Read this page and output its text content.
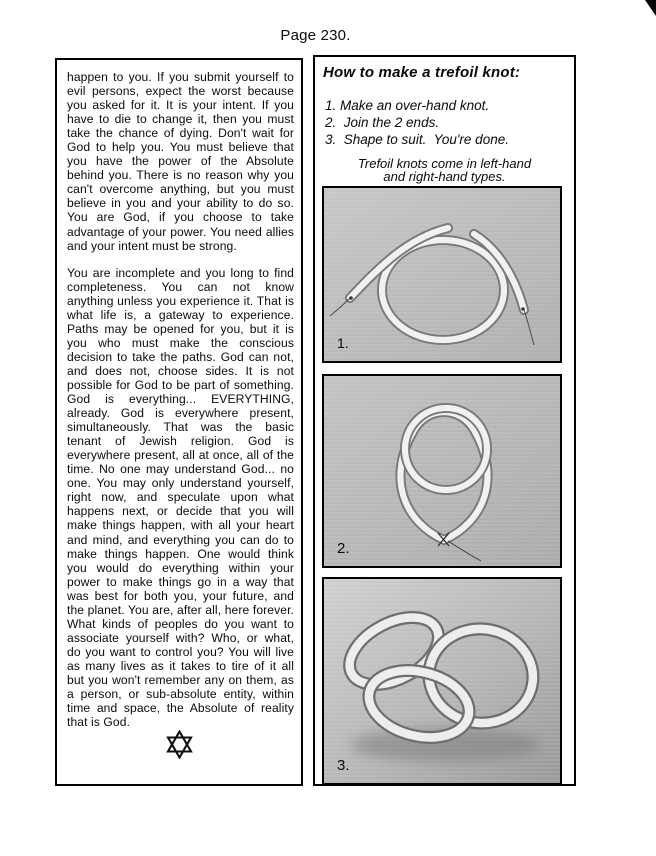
Page 230.

happen to you. If you submit yourself to evil persons, expect the worst because you asked for it. It is your intent. If you have to die to change it, then you must take the chance of dying. Don't wait for God to help you. You must believe that you have the power of the Absolute behind you. There is no reason why you can't overcome anything, but you must believe in you and your ability to do so. You are God, if you choose to take advantage of your power. You need allies and your intent must be strong.

You are incomplete and you long to find completeness. You can not know anything unless you experience it. That is what life is, a gateway to experience. Paths may be opened for you, but it is you who must make the conscious decision to take the paths. God can not, and does not, choose sides. It is not possible for God to be part of something. God is everything... EVERYTHING, already. God is everywhere present, simultaneously. That was the basic tenant of Jewish religion. God is everywhere present, all at once, all of the time. No one may understand God... no one. You may only understand yourself, right now, and speculate upon what happens next, or decide that you will make things happen, with all your heart and mind, and everything you can do to make things happen. One would think you would do everything within your power to make things go in a way that was best for both you, your future, and the planet. You are, after all, here forever. What kinds of peoples do you want to associate yourself with? Who, or what, do you want to control you? You will live as many lives as it takes to tire of it all but you won't remember any on them, as a person, or sub-absolute entity, within time and space, the Absolute of reality that is God.

How to make a trefoil knot:
1. Make an over-hand knot.
2.  Join the 2 ends.
3.  Shape to suit.  You're done.
Trefoil knots come in left-hand
and right-hand types.
1.
2.
3.
